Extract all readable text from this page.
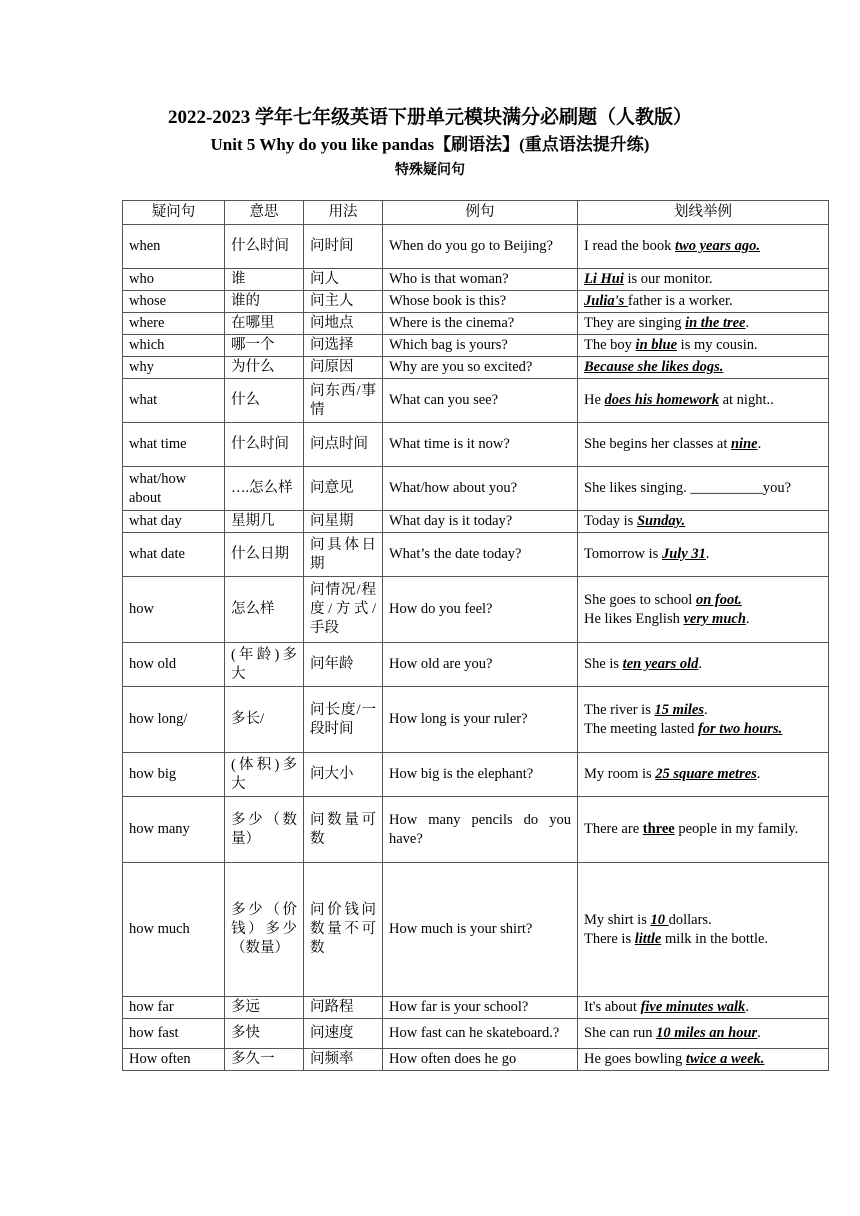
2022-2023 学年七年级英语下册单元模块满分必刷题（人教版）
Unit 5 Why do you like pandas【刷语法】(重点语法提升练)
特殊疑问句
疑问句	意思	用法	例句	划线举例
when	什么时间	问时间	When do you go to Beijing?	I read the book two years ago.
who	谁	问人	Who is that woman?	Li Hui is our monitor.
whose	谁的	问主人	Whose book is this?	Julia's father is a worker.
where	在哪里	问地点	Where is the cinema?	They are singing in the tree.
which	哪一个	问选择	Which bag is yours?	The boy in blue is my cousin.
why	为什么	问原因	Why are you so excited?	Because she likes dogs.
what	什么	问东西/事情	What can you see?	He does his homework at night..
what time	什么时间	问点时间	What time is it now?	She begins her classes at nine.
what/how about	….怎么样	问意见	What/how about you?	She likes singing. __________you?
what day	星期几	问星期	What day is it today?	Today is Sunday.
what date	什么日期	问具体日期	What’s the date today?	Tomorrow is July 31.
how	怎么样	问情况/程度/方式/手段	How do you feel?	She goes to school on foot.
He likes English very much.
how old	(年龄)多大	问年龄	How old are you?	She is ten years old.
how long/	多长/	问长度/一段时间	How long is your ruler?	The river is 15 miles.
The meeting lasted for two hours.
how big	(体积)多大	问大小	How big is the elephant?	My room is 25 square metres.
how many	多少（数量）	问数量可数	How many pencils do you have?	There are three people in my family.
how much	多少（价钱）多少（数量）	问价钱问数量不可数	How much is your shirt?	My shirt is 10 dollars.
There is little milk in the bottle.
how far	多远	问路程	How far is your school?	It's about five minutes walk.
how fast	多快	问速度	How fast can he skateboard.?	She can run 10 miles an hour.
How often	多久一	问频率	How often does he go	He goes bowling twice a week.
